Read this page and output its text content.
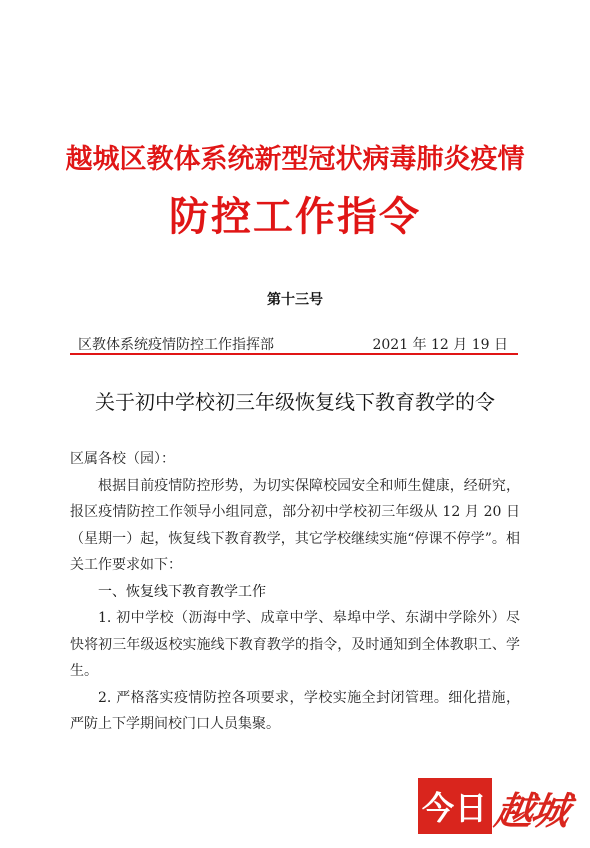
越城区教体系统新型冠状病毒肺炎疫情
防控工作指令
第十三号
区教体系统疫情防控工作指挥部	2021 年 12 月 19 日
关于初中学校初三年级恢复线下教育教学的令

区属各校（园）：

根据目前疫情防控形势，为切实保障校园安全和师生健康，经研究，报区疫情防控工作领导小组同意，部分初中学校初三年级从 12 月 20 日（星期一）起，恢复线下教育教学，其它学校继续实施“停课不停学”。相关工作要求如下：

一、恢复线下教育教学工作

1. 初中学校（沥海中学、成章中学、皋埠中学、东湖中学除外）尽快将初三年级返校实施线下教育教学的指令，及时通知到全体教职工、学生。

2. 严格落实疫情防控各项要求，学校实施全封闭管理。细化措施，严防上下学期间校门口人员集聚。

今日 越城
